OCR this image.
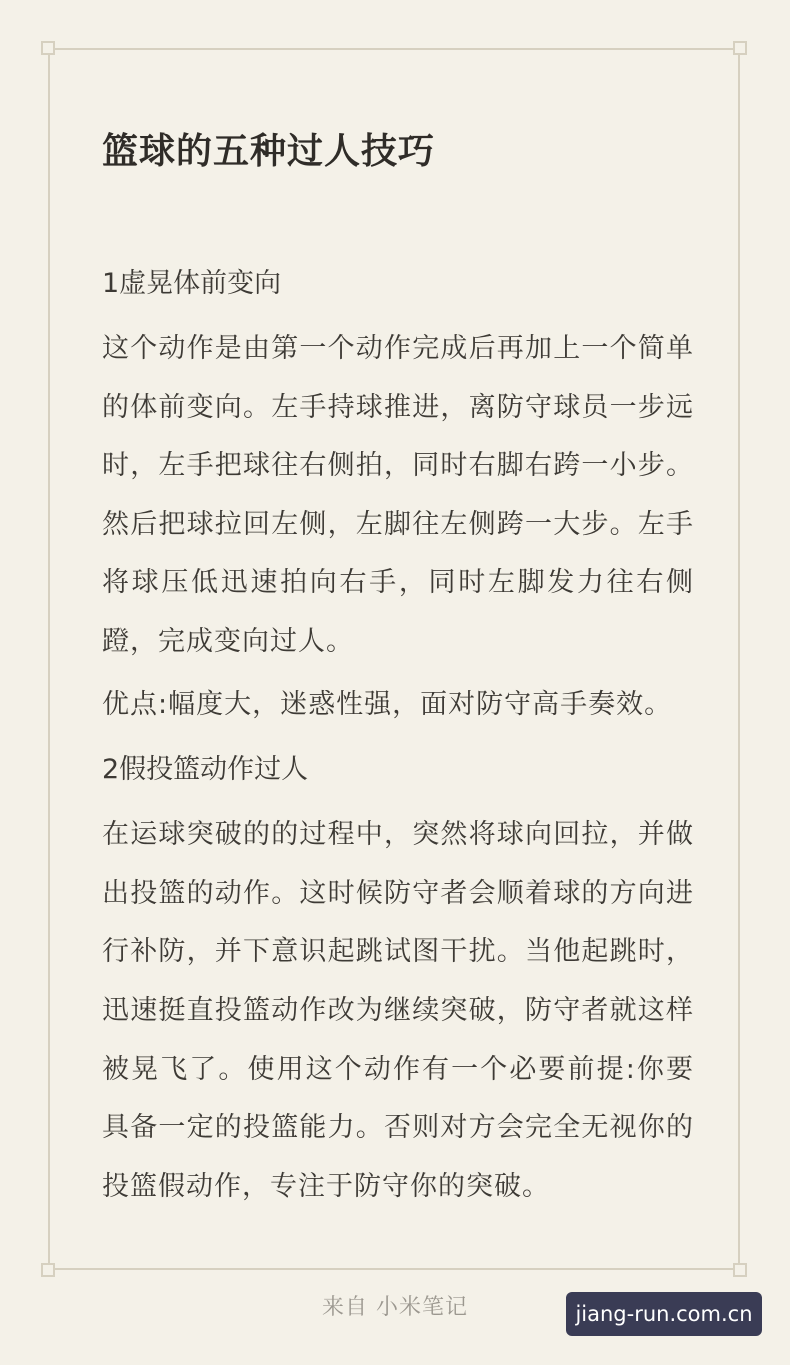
篮球的五种过人技巧
1虚晃体前变向

这个动作是由第一个动作完成后再加上一个简单的体前变向。左手持球推进，离防守球员一步远时，左手把球往右侧拍，同时右脚右跨一小步。然后把球拉回左侧，左脚往左侧跨一大步。左手将球压低迅速拍向右手，同时左脚发力往右侧蹬，完成变向过人。

优点:幅度大，迷惑性强，面对防守高手奏效。

2假投篮动作过人

在运球突破的的过程中，突然将球向回拉，并做出投篮的动作。这时候防守者会顺着球的方向进行补防，并下意识起跳试图干扰。当他起跳时，迅速挺直投篮动作改为继续突破，防守者就这样被晃飞了。使用这个动作有一个必要前提:你要具备一定的投篮能力。否则对方会完全无视你的投篮假动作，专注于防守你的突破。

来自 小米笔记	jiang-run.com.cn
